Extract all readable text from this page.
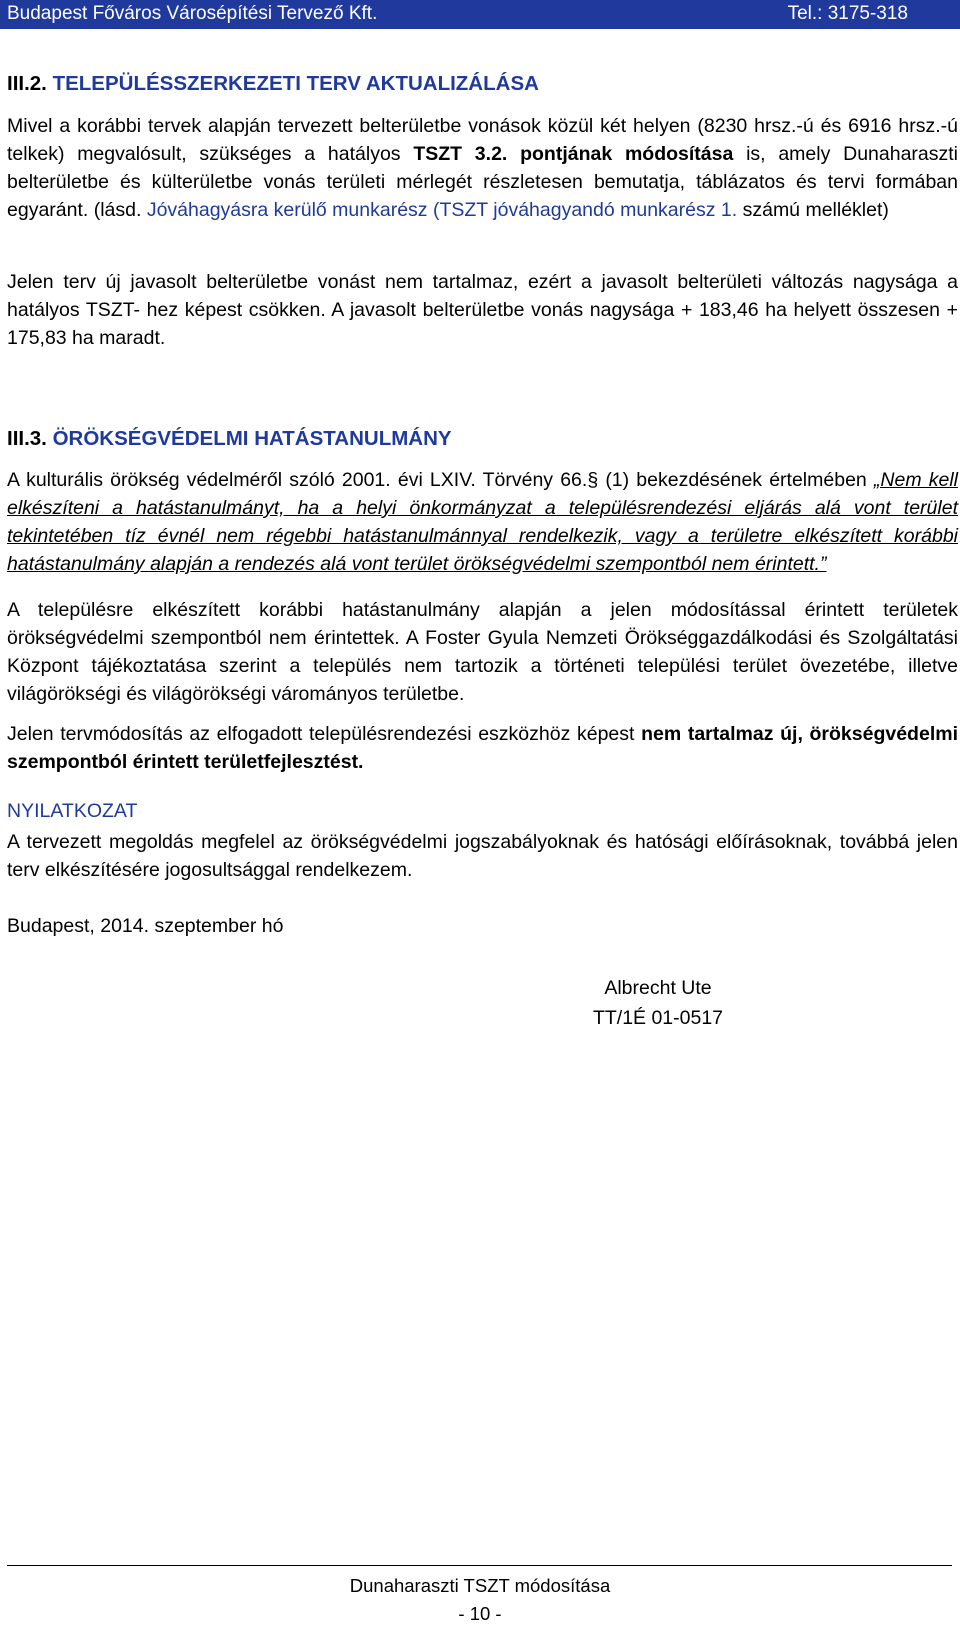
Budapest Főváros Városépítési Tervező Kft.	Tel.: 3175-318
III.2. TELEPÜLÉSSZERKEZETI TERV AKTUALIZÁLÁSA

Mivel a korábbi tervek alapján tervezett belterületbe vonások közül két helyen (8230 hrsz.-ú és 6916 hrsz.-ú telkek) megvalósult, szükséges a hatályos TSZT 3.2. pontjának módosítása is, amely Dunaharaszti belterületbe és külterületbe vonás területi mérlegét részletesen bemutatja, táblázatos és tervi formában egyaránt. (lásd. Jóváhagyásra kerülő munkarész (TSZT jóváhagyandó munkarész 1. számú melléklet)

Jelen terv új javasolt belterületbe vonást nem tartalmaz, ezért a javasolt belterületi változás nagysága a hatályos TSZT- hez képest csökken. A javasolt belterületbe vonás nagysága + 183,46 ha helyett összesen + 175,83 ha maradt.

III.3. ÖRÖKSÉGVÉDELMI HATÁSTANULMÁNY

A kulturális örökség védelméről szóló 2001. évi LXIV. Törvény 66.§ (1) bekezdésének értelmében „Nem kell elkészíteni a hatástanulmányt, ha a helyi önkormányzat a településrendezési eljárás alá vont terület tekintetében tíz évnél nem régebbi hatástanulmánnyal rendelkezik, vagy a területre elkészített korábbi hatástanulmány alapján a rendezés alá vont terület örökségvédelmi szempontból nem érintett.”

A településre elkészített korábbi hatástanulmány alapján a jelen módosítással érintett területek örökségvédelmi szempontból nem érintettek. A Foster Gyula Nemzeti Örökséggazdálkodási és Szolgáltatási Központ tájékoztatása szerint a település nem tartozik a történeti települési terület övezetébe, illetve világörökségi és világörökségi várományos területbe.

Jelen tervmódosítás az elfogadott településrendezési eszközhöz képest nem tartalmaz új, örökségvédelmi szempontból érintett területfejlesztést.

NYILATKOZAT

A tervezett megoldás megfelel az örökségvédelmi jogszabályoknak és hatósági előírásoknak, továbbá jelen terv elkészítésére jogosultsággal rendelkezem.

Budapest, 2014. szeptember hó

Albrecht Ute
TT/1É 01-0517
Dunaharaszti TSZT módosítása
- 10 -
